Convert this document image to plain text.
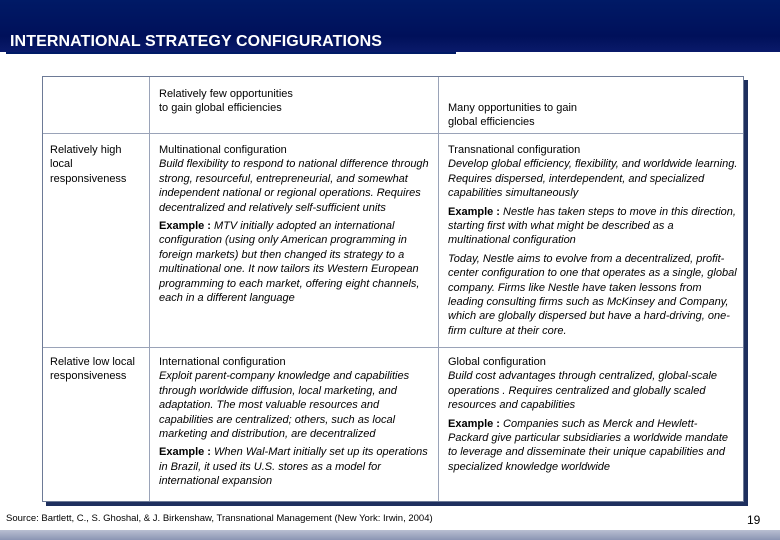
INTERNATIONAL STRATEGY CONFIGURATIONS
Relatively few opportunities to gain global efficiencies	Many opportunities to gain global efficiencies
Relatively high local responsiveness
Relative low local responsiveness

Multinational configuration

Build flexibility to respond to national difference through strong, resourceful, entrepreneurial, and somewhat independent national or regional operations. Requires decentralized and relatively self-sufficient units

Example : MTV initially adopted an international configuration (using only American programming in foreign markets) but then changed its strategy to a multinational one. It now tailors its Western European programming to each market, offering eight channels, each in a different language

Transnational configuration

Develop global efficiency, flexibility, and worldwide learning. Requires dispersed, interdependent, and specialized capabilities simultaneously

Example : Nestle has taken steps to move in this direction, starting first with what might be described as a multinational configuration

Today, Nestle aims to evolve from a decentralized, profit-center configuration to one that operates as a single, global company. Firms like Nestle have taken lessons from leading consulting firms such as McKinsey and Company, which are globally dispersed but have a hard-driving, one-firm culture at their core.

International configuration

Exploit parent-company knowledge and capabilities through worldwide diffusion, local marketing, and adaptation. The most valuable resources and capabilities are centralized; others, such as local marketing and distribution, are decentralized

Example : When Wal-Mart initially set up its operations in Brazil, it used its U.S. stores as a model for international expansion

Global configuration

Build cost advantages through centralized, global-scale operations . Requires centralized and globally scaled resources and capabilities

Example : Companies such as Merck and Hewlett-Packard give particular subsidiaries a worldwide mandate to leverage and disseminate their unique capabilities and specialized knowledge worldwide

Source: Bartlett, C., S. Ghoshal, & J. Birkenshaw, Transnational Management (New York: Irwin, 2004)	19
